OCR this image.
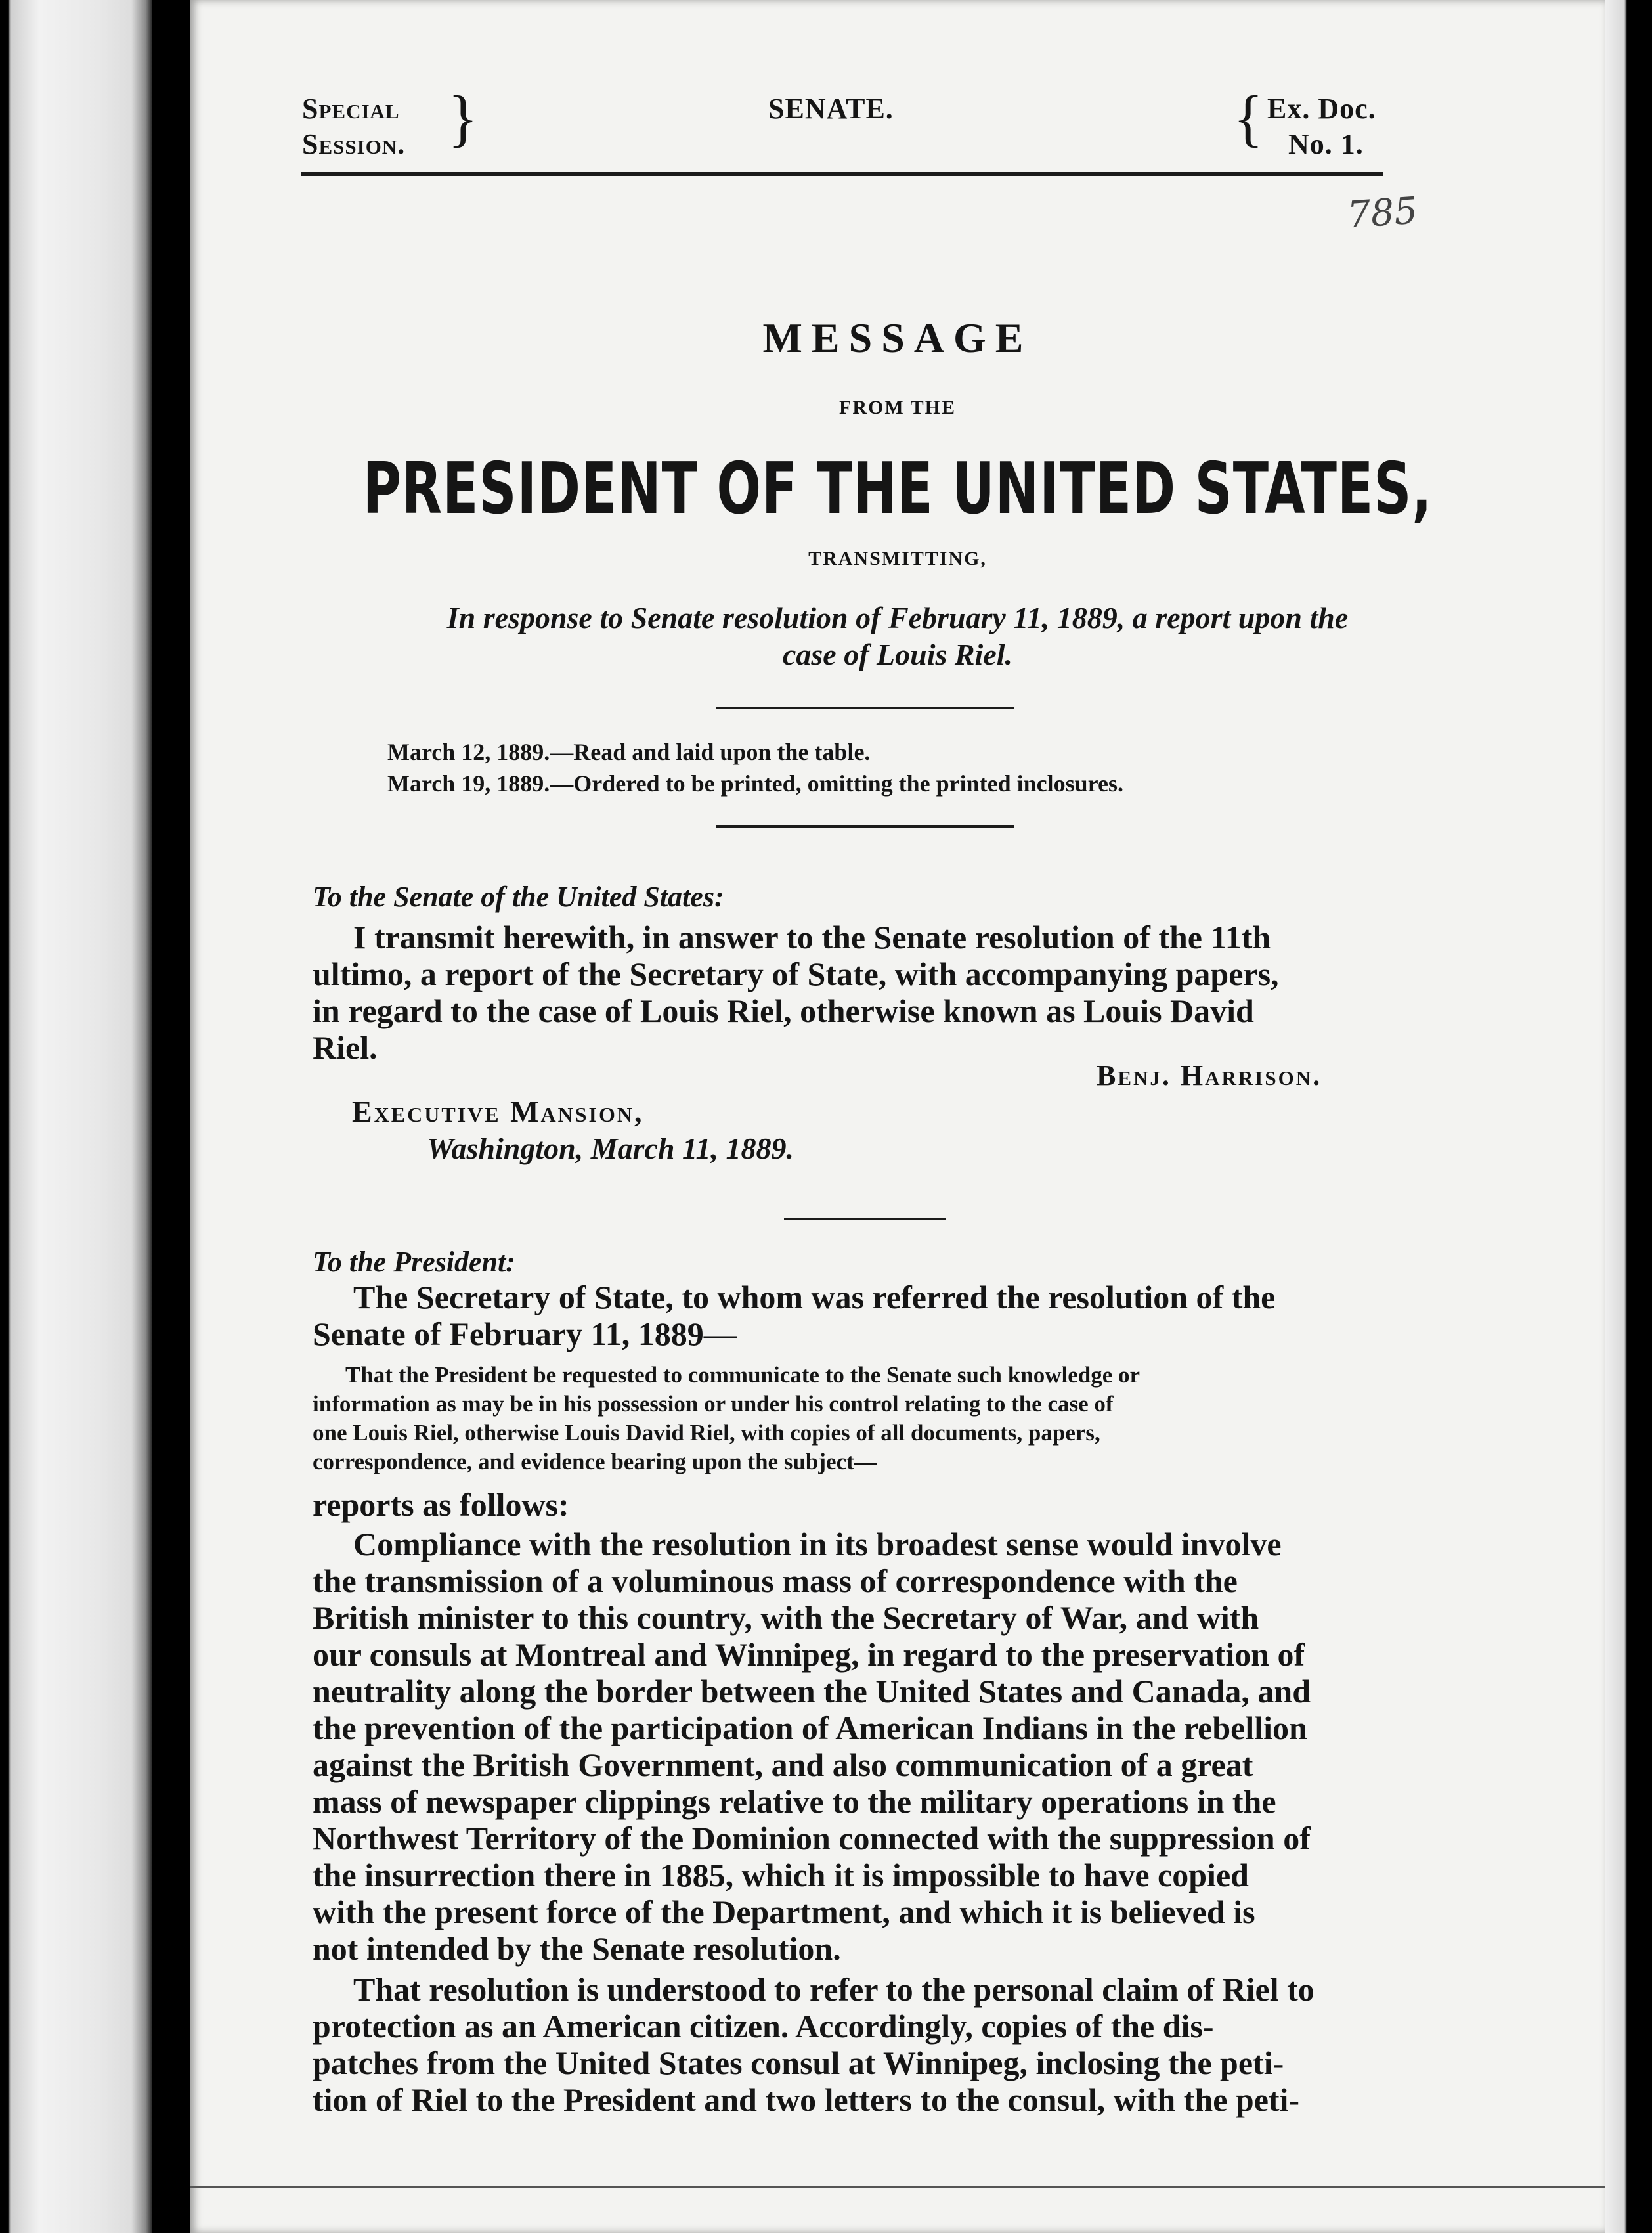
Special
Session. }	SENATE.	{ Ex. Doc.
No. 1.
785
MESSAGE
FROM THE
PRESIDENT OF THE UNITED STATES,
TRANSMITTING,
In response to Senate resolution of February 11, 1889, a report upon the
case of Louis Riel.
March 12, 1889.—Read and laid upon the table.
March 19, 1889.—Ordered to be printed, omitting the printed inclosures.
To the Senate of the United States:
I transmit herewith, in answer to the Senate resolution of the 11th
ultimo, a report of the Secretary of State, with accompanying papers,
in regard to the case of Louis Riel, otherwise known as Louis David
Riel.
Benj. Harrison.
Executive Mansion,
Washington, March 11, 1889.
To the President:
The Secretary of State, to whom was referred the resolution of the
Senate of February 11, 1889—
That the President be requested to communicate to the Senate such knowledge or
information as may be in his possession or under his control relating to the case of
one Louis Riel, otherwise Louis David Riel, with copies of all documents, papers,
correspondence, and evidence bearing upon the subject—
reports as follows:
Compliance with the resolution in its broadest sense would involve
the transmission of a voluminous mass of correspondence with the
British minister to this country, with the Secretary of War, and with
our consuls at Montreal and Winnipeg, in regard to the preservation of
neutrality along the border between the United States and Canada, and
the prevention of the participation of American Indians in the rebellion
against the British Government, and also communication of a great
mass of newspaper clippings relative to the military operations in the
Northwest Territory of the Dominion connected with the suppression of
the insurrection there in 1885, which it is impossible to have copied
with the present force of the Department, and which it is believed is
not intended by the Senate resolution.
That resolution is understood to refer to the personal claim of Riel to
protection as an American citizen. Accordingly, copies of the dis-
patches from the United States consul at Winnipeg, inclosing the peti-
tion of Riel to the President and two letters to the consul, with the peti-
